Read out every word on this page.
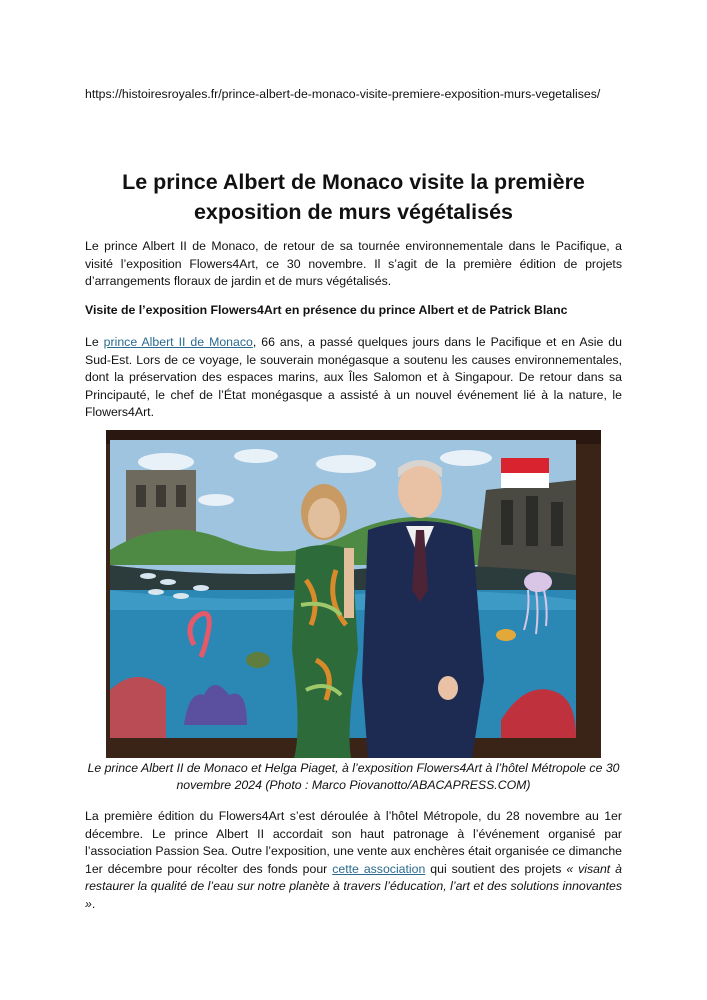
https://histoiresroyales.fr/prince-albert-de-monaco-visite-premiere-exposition-murs-vegetalises/
Le prince Albert de Monaco visite la première exposition de murs végétalisés

Le prince Albert II de Monaco, de retour de sa tournée environnementale dans le Pacifique, a visité l’exposition Flowers4Art, ce 30 novembre. Il s’agit de la première édition de projets d’arrangements floraux de jardin et de murs végétalisés.

Visite de l’exposition Flowers4Art en présence du prince Albert et de Patrick Blanc

Le prince Albert II de Monaco, 66 ans, a passé quelques jours dans le Pacifique et en Asie du Sud-Est. Lors de ce voyage, le souverain monégasque a soutenu les causes environnementales, dont la préservation des espaces marins, aux Îles Salomon et à Singapour. De retour dans sa Principauté, le chef de l’État monégasque a assisté à un nouvel événement lié à la nature, le Flowers4Art.

Le prince Albert II de Monaco et Helga Piaget, à l’exposition Flowers4Art à l’hôtel Métropole ce 30 novembre 2024 (Photo : Marco Piovanotto/ABACAPRESS.COM)

La première édition du Flowers4Art s’est déroulée à l’hôtel Métropole, du 28 novembre au 1er décembre. Le prince Albert II accordait son haut patronage à l’événement organisé par l’association Passion Sea. Outre l’exposition, une vente aux enchères était organisée ce dimanche 1er décembre pour récolter des fonds pour cette association qui soutient des projets « visant à restaurer la qualité de l’eau sur notre planète à travers l’éducation, l’art et des solutions innovantes ».
